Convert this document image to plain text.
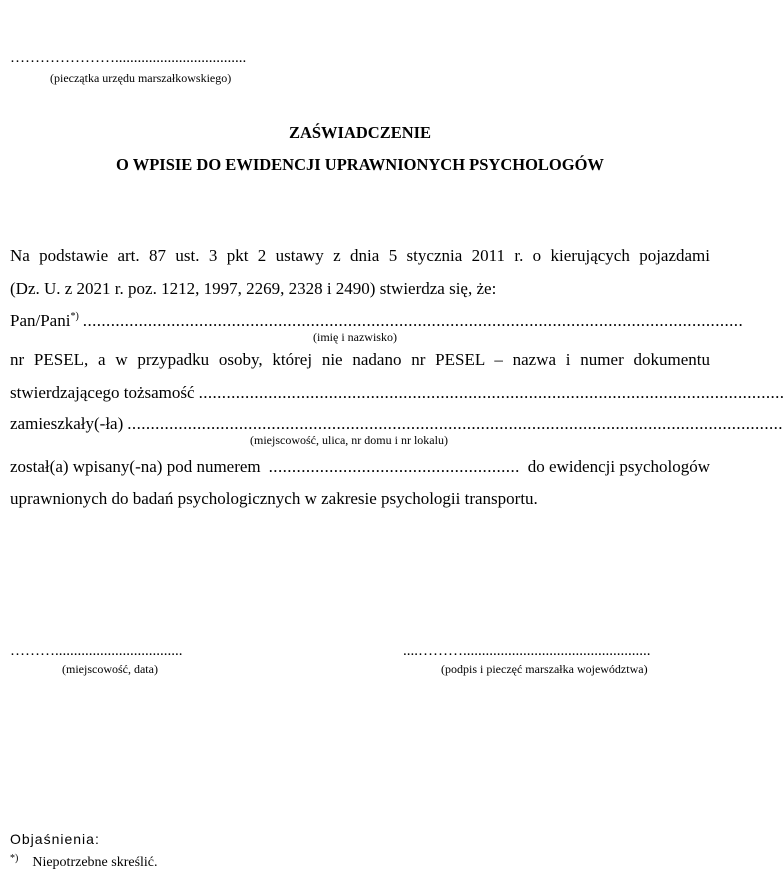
…………………...................................
(pieczątka urzędu marszałkowskiego)
ZAŚWIADCZENIE
O WPISIE DO EWIDENCJI UPRAWNIONYCH PSYCHOLOGÓW
Na podstawie art. 87 ust. 3 pkt 2 ustawy z dnia 5 stycznia 2011 r. o kierujących pojazdami
(Dz. U. z 2021 r. poz. 1212, 1997, 2269, 2328 i 2490) stwierdza się, że:
Pan/Pani*) ..............................................................................................................................................
(imię i nazwisko)
nr PESEL, a w przypadku osoby, której nie nadano nr PESEL – nazwa i numer dokumentu
stwierdzającego tożsamość ..............................................................................................................................
zamieszkały(-ła) .............................................................................................................................................
(miejscowość, ulica, nr domu i nr lokalu)
został(a) wpisany(-na) pod numerem ...................................................... do ewidencji psychologów
uprawnionych do badań psychologicznych w zakresie psychologii transportu.
………..................................
(miejscowość, data)
....………..................................................
(podpis i pieczęć marszałka województwa)
Objaśnienia:
*) Niepotrzebne skreślić.
